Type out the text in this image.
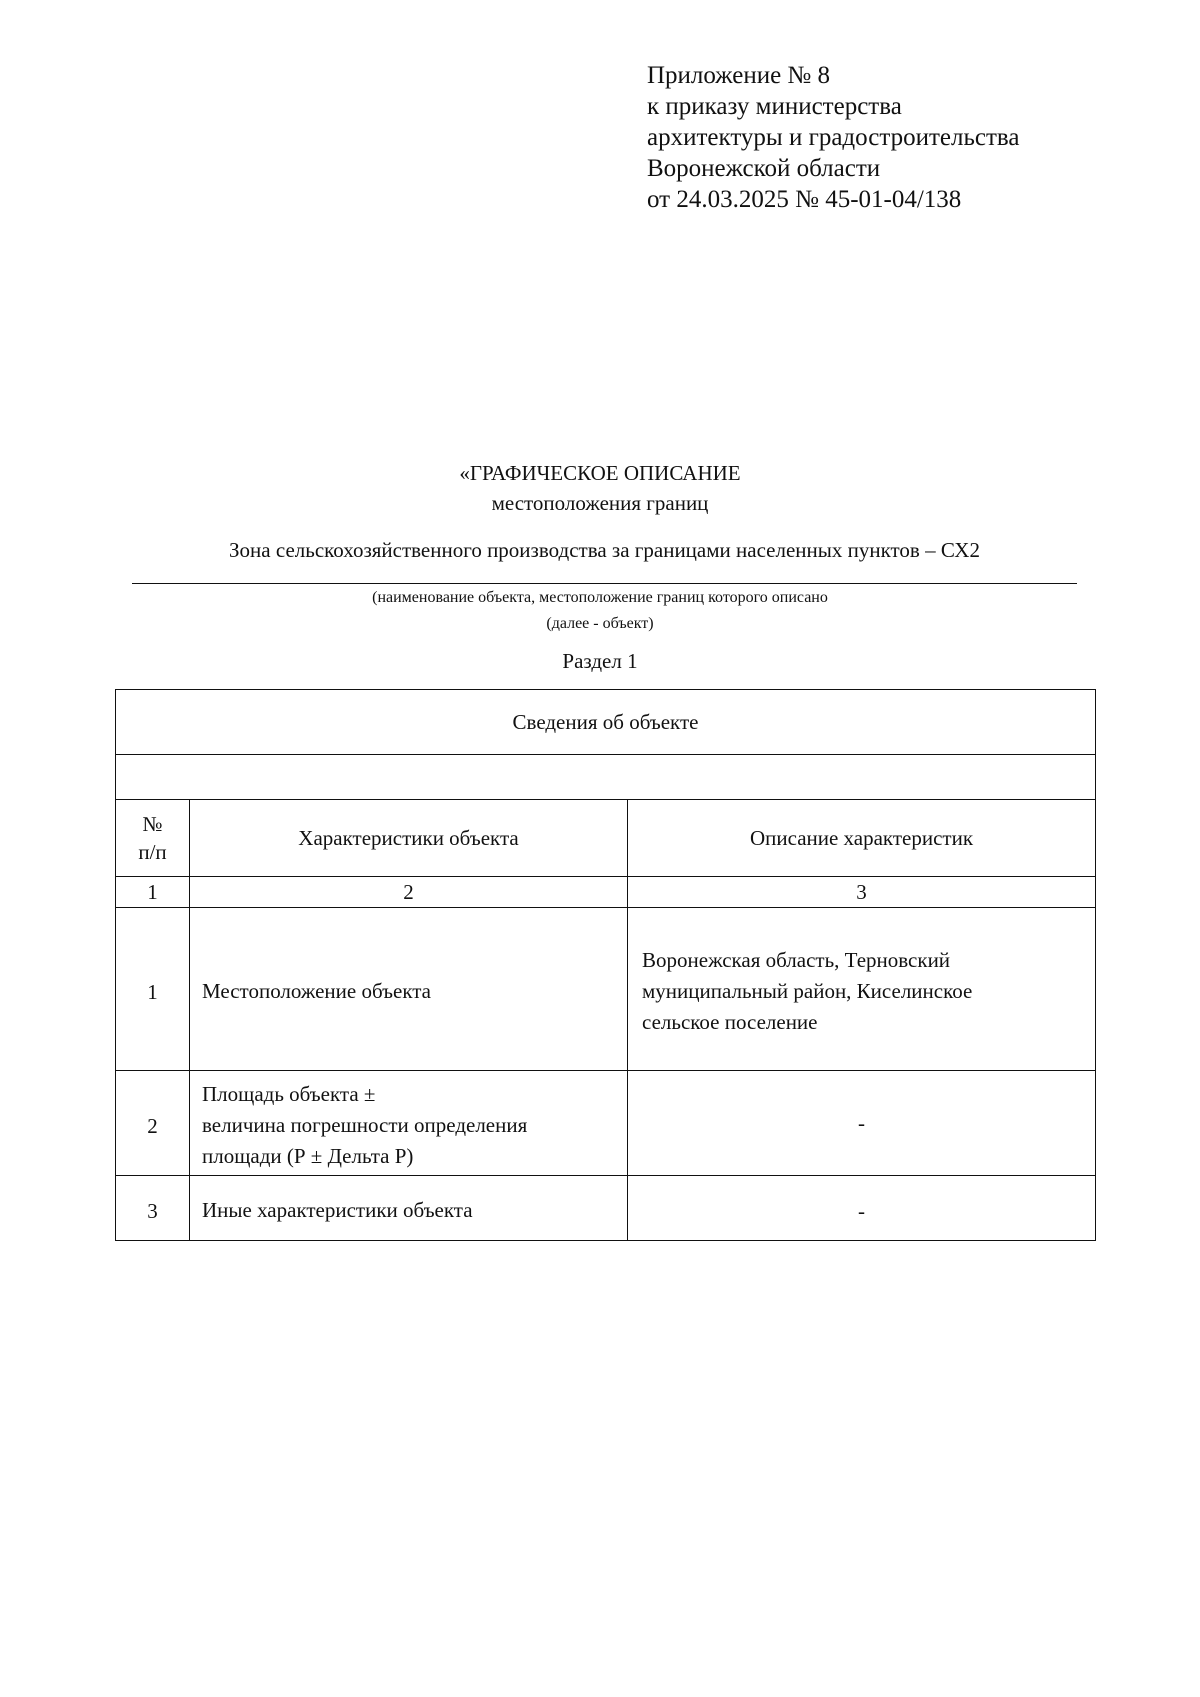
Приложение № 8
к приказу министерства
архитектуры и градостроительства
Воронежской области
от 24.03.2025 № 45-01-04/138
«ГРАФИЧЕСКОЕ ОПИСАНИЕ
местоположения границ
Зона сельскохозяйственного производства за границами населенных пунктов – СХ2
(наименование объекта, местоположение границ которого описано
(далее - объект)
Раздел 1
Сведения об объекте		

№
п/п	Характеристики объекта	Описание характеристик
1	2	3
1	Местоположение объекта	Воронежская область, Терновский
муниципальный район, Киселинское
сельское поселение

2	Площадь объекта ±
величина погрешности определения
площади (Р ± Дельта Р)	-
3	Иные характеристики объекта	-
